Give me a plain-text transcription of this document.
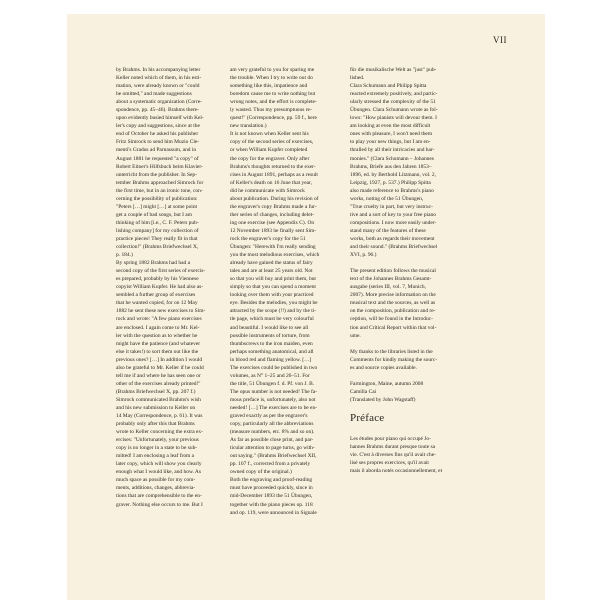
VII

by Brahms. In his accompanying letter

Keller noted which of them, in his esti-

mation, were already known or "could

be omitted," and made suggestions

about a systematic organization (Corre-

spondence, pp. 45–46). Brahms there-

upon evidently busied himself with Kel-

ler's copy and suggestions, since at the

end of October he asked his publisher

Fritz Simrock to send him Muzio Cle-

menti's Gradus ad Parnassum, and in

August 1881 he requested "a copy" of

Robert Eitner's Hilfsbuch beim Klavier-

unterricht from the publisher. In Sep-

tember Brahms approached Simrock for

the first time, but in an ironic tone, con-

cerning the possibility of publication:

"Peters […] might […] at some point

get a couple of bad songs, but I am

thinking of him [i.e., C. F. Peters pub-

lishing company] for my collection of

practice pieces! They really fit in that

collection!" (Brahms Briefwechsel X,

p. 184.)

By spring 1882 Brahms had had a

second copy of the first series of exercis-

es prepared, probably by his Viennese

copyist William Kupfer. He had also as-

sembled a further group of exercises

that he wanted copied, for on 12 May

1882 he sent these new exercises to Sim-

rock and wrote: "A few piano exercises

are enclosed. I again come to Mr. Kel-

ler with the question as to whether he

might have the patience (and whatever

else it takes!) to sort them out like the

previous ones? […] In addition I would

also be grateful to Mr. Keller if he could

tell me if and where he has seen one or

other of the exercises already printed!"

(Brahms Briefwechsel X, pp. 207 f.)

Simrock communicated Brahms's wish

and his new submission to Keller on

14 May (Correspondence, p. 61). It was

probably only after this that Brahms

wrote to Keller concerning the extra ex-

ercises: "Unfortunately, your previous

copy is no longer in a state to be sub-

mitted! I am enclosing a leaf from a

later copy, which will show you clearly

enough what I would like, and how. As

much space as possible for my com-

ments, additions, changes, abbrevia-

tions that are comprehensible to the en-

graver. Nothing else occurs to me. But I

am very grateful to you for sparing me

the trouble. When I try to write out do

something like this, impatience and

boredom cause me to write nothing but

wrong notes, and the effort is complete-

ly wasted. Thus my presumptuous re-

quest!" (Correspondence, pp. 59 f., here

new translation.)

It is not known when Keller sent his

copy of the second series of exercises,

or when William Kupfer completed

the copy for the engraver. Only after

Brahms's thoughts returned to the exer-

cises in August 1891, perhaps as a result

of Keller's death on 16 June that year,

did he communicate with Simrock

about publication. During his revision of

the engraver's copy Brahms made a fur-

ther series of changes, including delet-

ing one exercise (see Appendix C). On

12 November 1893 he finally sent Sim-

rock the engraver's copy for the 51

Übungen: "Herewith I'm really sending

you the most melodious exercises, which

already have gained the status of fairy

tales and are at least 25 years old. Not

so that you will buy and print them, but

simply so that you can spend a moment

looking over them with your practiced

eye. Besides the melodies, you might be

attracted by the scope (!!) and by the ti-

tle page, which must be very colourful

and beautiful. I would like to see all

possible instruments of torture, from

thumbscrews to the iron maiden, even

perhaps something anatomical, and all

in blood red and flaming yellow. […]

The exercises could be published in two

volumes, as N° 1–25 and 26–51. For

the title, 51 Übungen f. d. Pf. von J. B.

The opus number is not needed! The fa-

mous preface is, unfortunately, also not

needed! […] The exercises are to be en-

graved exactly as per the engraver's

copy, particularly all the abbreviations

(measure numbers, etc. 8% and so on).

As far as possible close print, and par-

ticular attention to page turns, go with-

out saying." (Brahms Briefwechsel XII,

pp. 107 f., corrected from a privately

owned copy of the original.)

Both the engraving and proof-reading

must have proceeded quickly, since in

mid-December 1893 the 51 Übungen,

together with the piano pieces op. 118

and op. 119, were announced in Signale

für die musikalische Welt as "just" pub-

lished.

Clara Schumann and Philipp Spitta

reacted extremely positively, and partic-

ularly stressed the complexity of the 51

Übungen. Clara Schumann wrote as fol-

lows: "How pianists will devour them. I

am looking at even the most difficult

ones with pleasure, I won't need them

to play your new things, but I am en-

thralled by all their intricacies and har-

monies." (Clara Schumann – Johannes

Brahms, Briefe aus den Jahren 1853–

1896, ed. by Berthold Litzmann, vol. 2,

Leipzig, 1927, p. 537.) Philipp Spitta

also made reference to Brahms's piano

works, noting of the 51 Übungen,

"True cruelty in part, but very instruc-

tive and a sort of key to your free piano

compositions. I now more easily under-

stand many of the features of these

works, both as regards their movement

and their sound." (Brahms Briefwechsel

XVI, p. 96.)

The present edition follows the musical

text of the Johannes Brahms Gesamt-

ausgabe (series III, vol. 7, Munich,

2007). More precise information on the

musical text and the sources, as well as

on the composition, publication and re-

ception, will be found in the Introduc-

tion and Critical Report within that vol-

ume.

My thanks to the libraries listed in the

Comments for kindly making the sourc-

es and source copies available.

Farmington, Maine, autumn 2008

Camilla Cai

(Translated by John Wagstaff)

Préface

Les études pour piano qui occupé Jo-

hannes Brahms durant presque toute sa

vie. C'est à diverses fins qu'il avait che-

lisé ses propres exercices, qu'il avait

mais il aborda notés occasionnellement, et
